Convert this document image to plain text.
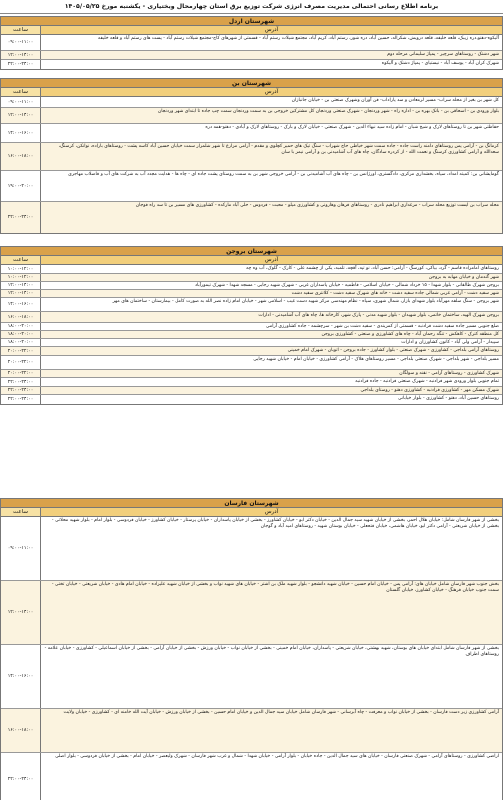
برنامه اطلاع رسانی احتمالی مدیریت مصرف انرژی شرکت توزیع برق استان چهارمحال وبختیاری - یکشنبه مورخ ۱۴۰۵/۰۵/۲۵
شهرستان اردل
آدرس
ساعت
آلیکوه-دهنو،دره زیبک، قلعه خلیفه، قلعه درویش، شکراله، حسین آباد، دره شور، رستم آباد، کریم آباد، مجتمع شیلات رستم آباد - قسمتی از شهرهای کاج-مجتمع شیلات رستم آباد - پست های رستم آباد و قلعه خلیفه
۰۹:۰۰-۱۱:۰۰
شهر دشتک - روستاهای سرچیر - پمپاژ سلیمانی مرحله دوم
۱۲:۰۰-۱۴:۰۰
شهرک کران آباد - یوسف آباد - نیستیای - پمپاژ دشتک و آلیکوه
۲۲:۰۰-۲۴:۰۰
شهرستان بن
آدرس
ساعت
کل شهر بن بغیر از محله سراب- مسیر لرمعادن و سد پاراداب- فن آوران وشهرک صنعتی بن - خیابان جانبازان
۰۹:۰۰-۱۱:۰۰
بلوار ورودی بن - اسحاقی بن - بانک بهره بن - اداره راه - شهر وردنجان - شهرک صنعتی وردنجان کل مشترکین خروجی بن به سمت وردنجان سمت چپ جاده تا ابتدای شهر وردنجان
۱۲:۰۰-۱۴:۰۰
حفاظتی شهر بن تا روستاهای لارک و شیخ شبان - امام زاده سید نبهاء الدین - شهرک صنعتی - خیابان لارک و بارک - روستاهای لارک و آبادی - دهنو-همه دره
۱۴:۰۰-۱۶:۰۰
کرمانگ بن - آرامی پس روستاهای دامنه راست جاده - جاده سمت شهر خیاطی حاج شهراب - سنگ تپک های حمیر کچلوی و مقدم - آرامی مزارع تا شهر شلمزار سمت خیابان حسین آباد کاسه پشت - روستاهای باراده، نوانکن، کرسنگ، سعدالله و آرامی کشاورزی کرسنگ و نعمت الله - از کردره سادگان، چاه های آب آشامیدنی بن و آرامی نیمز با سان
۱۶:۰۰-۱۸:۰۰
گومایشانی بن: کمیته امداد، سپاه، بخشداری مرکزی، دادگستری، اورژانس بن - چاه های آب آشامیدنی بن - آرامی خروجی شهر بن به سمت روستای پشت جاده ای - چاه ها - هدایت مجدد آب به شرکت های آب و فاضلاب مهاجری
۱۹:۰۰-۲۰:۰۰
محله سراب بن ایست توزیع محله سراب - مرغداری ابراهیم نادری - روستاهای فرهان وهارونی و کشاورزی میلو - محبت - فردوس - حلی آباد مارکده - کشاورزی های مسیر بن تا سد راه فوجان
۲۲:۰۰-۲۴:۰۰
شهرستان بروجن
آدرس
ساعت
روستاهای امامزاده قاسم - گرد، بیاکی، کورسگ - آرامی: حسن آباد، نو تپه، آقچه، تلمبه، یکی از چشمه علی - کارک - گلوک، آب وه چه
۱۰:۰۰-۱۲:۰۰
شهر گندمان و خیابان مهابه به بروجن
۱۰:۰۰-۱۲:۰۰
بروجن شهرک طالقانی - بلوار شهدا - ۱۵ خرداد شمالی - خیابان اسلامی - فاطمیه - خیابان پاسداران غربی - شهرک شهید رجایی - مسجد شهدا - شهرک تیمورآباد
۱۲:۰۰-۱۴:۰۰
شهر سفید دشت - آرامی غربی شمالی جاده سفید دشت - خانه های شهرک سفید دشت - کلانتری سفید دشت
۱۲:۰۰-۱۴:۰۰
شهر بروجن - سنگ سلفه مهرآباد بلوار شهدای بازار، شمال شهری، سپاه - نظام مهندسی مرکز شهید دست غیب - اسلامی شهر - خیابان امام زاده نصر الله به صورت کامل - بیمارستان - ساختمان های مهر
۱۴:۰۰-۱۶:۰۰
بروجن شهرک الهیه، ساختمان خاتمی، بلوار شهیدان - بلوار شهید مدنی - پارک شهر، کارخانه ها، چاه های آب آشامیدنی - ادارات
۱۶:۰۰-۱۸:۰۰
ضلع جنوبی مسیر جاده سفید دشت فرادنبه - قسمتی از کمربندی - سفید دشت بن شهر - سرچشمه - جاده کشاورزی آرامی
۱۸:۰۰-۲۰:۰۰
کل منطقه کترک - کاهکش - تنگه رحمان آباد - چاه های کشاورزی و صنعتی - کشاورزی بروجن
۱۸:۰۰-۲۰:۰۰
سپیدار - آرامی ولی آباد - کانون کشاورزان و ادارات
۱۸:۰۰-۲۰:۰۰
روستاهای آرامی بلداجی - کشاورزی - شهرک صنعتی - بلوار کشاورز - جاده بروجن - اتوبان - شهرک امام خمینی
۲۰:۰۰-۲۲:۰۰
مسیر بلداجی - شهر بلداجی - شهرک صنعتی بلداجی - مسیر روستاهای هلاک - آرامی کشاورزی - خیابان امام - خیابان شهید رجایی
۲۰:۰۰-۲۲:۰۰
شهرک کشاورزی - روستاهای آرامی - نقنه و سولگان
۲۰:۰۰-۲۲:۰۰
تمام جنوبی بلوار ورودی شهر فرادنبه - شهرک صنعتی فرادنبه - جاده فرادنبه
۲۲:۰۰-۲۴:۰۰
شهرک مسکن مهر - کشاورزی فرادنبه - کشاورزی دهنو - روستای بلداجی
۲۲:۰۰-۲۴:۰۰
روستاهای حسین آباد، دهنو - کشاورزی - بلوار خیابانی
۲۲:۰۰-۲۴:۰۰
شهرستان فارسان
آدرس
ساعت
بخشی از شهر فارسان شامل: خیابان هلال احمر، بخشی از خیابان شهید سید جمال الدین - خیابان دکتر ابو - خیابان کشاورز - بخشی از خیابان پاسداران - خیابان پرستار - خیابان کشاورز - خیابان فردوسی - بلوار امام - بلوار شهید محلاتی - بخشی از خیابان شریعتی - آرامی دکتر ابو، خیابان هاشمی، خیابان فتحعلی - خیابان بوستان شهید - روستاهای امید آباد و گوجان
۰۹:۰۰-۱۱:۰۰
بخش جنوب شهر فارسان شامل خیابان های: آرامی پس - خیابان امام حسین - خیابان شهید دانشجو - بلوار شهید ملک بن اشتر - خیابان های شهید نواب و بخشی از خیابان شهید علیزاده - خیابان امام هادی - خیابان شریعتی - خیابان تختی - سمت جنوب خیابان فرهنگ - خیابان کشاورز، خیابان گلستان
۱۲:۰۰-۱۴:۰۰
بخشی از شهر فارسان شامل ابتدای خیابان های بوستان، شهید بهشتی، خیابان شریعتی - پاسداران، خیابان امام خمینی - بخشی از خیابان نواب - خیابان ورزش - بخشی از خیابان آرامی - بخشی از خیابان اسماعیلی - کشاورزی - خیابان علامه - روستاهای اطراف
۱۴:۰۰-۱۶:۰۰
آرامی کشاورزی زیر دست فارسان - بخشی از خیابان نواب و معرفت - چاه آبرسانی - شهر فارسان شامل خیابان سید جمال الدین و خیابان امام حسین - بخشی از خیابان ورزش - خیابان آیت الله خامنه ای - کشاورزی - خیابان ولایت
۱۶:۰۰-۱۸:۰۰
اراضی کشاورزی - روستاهای آرامی - شهرک صنعتی فارسان - خیابان های سید جمال الدین - جاده خیابان - بلوار آرامی - خیابان شهدا - شمال و غرب شهر فارسان - شهرک ولیعصر - خیابان امام - بخشی از خیابان فردوسی - بلوار اصلی
۲۲:۰۰-۲۴:۰۰
